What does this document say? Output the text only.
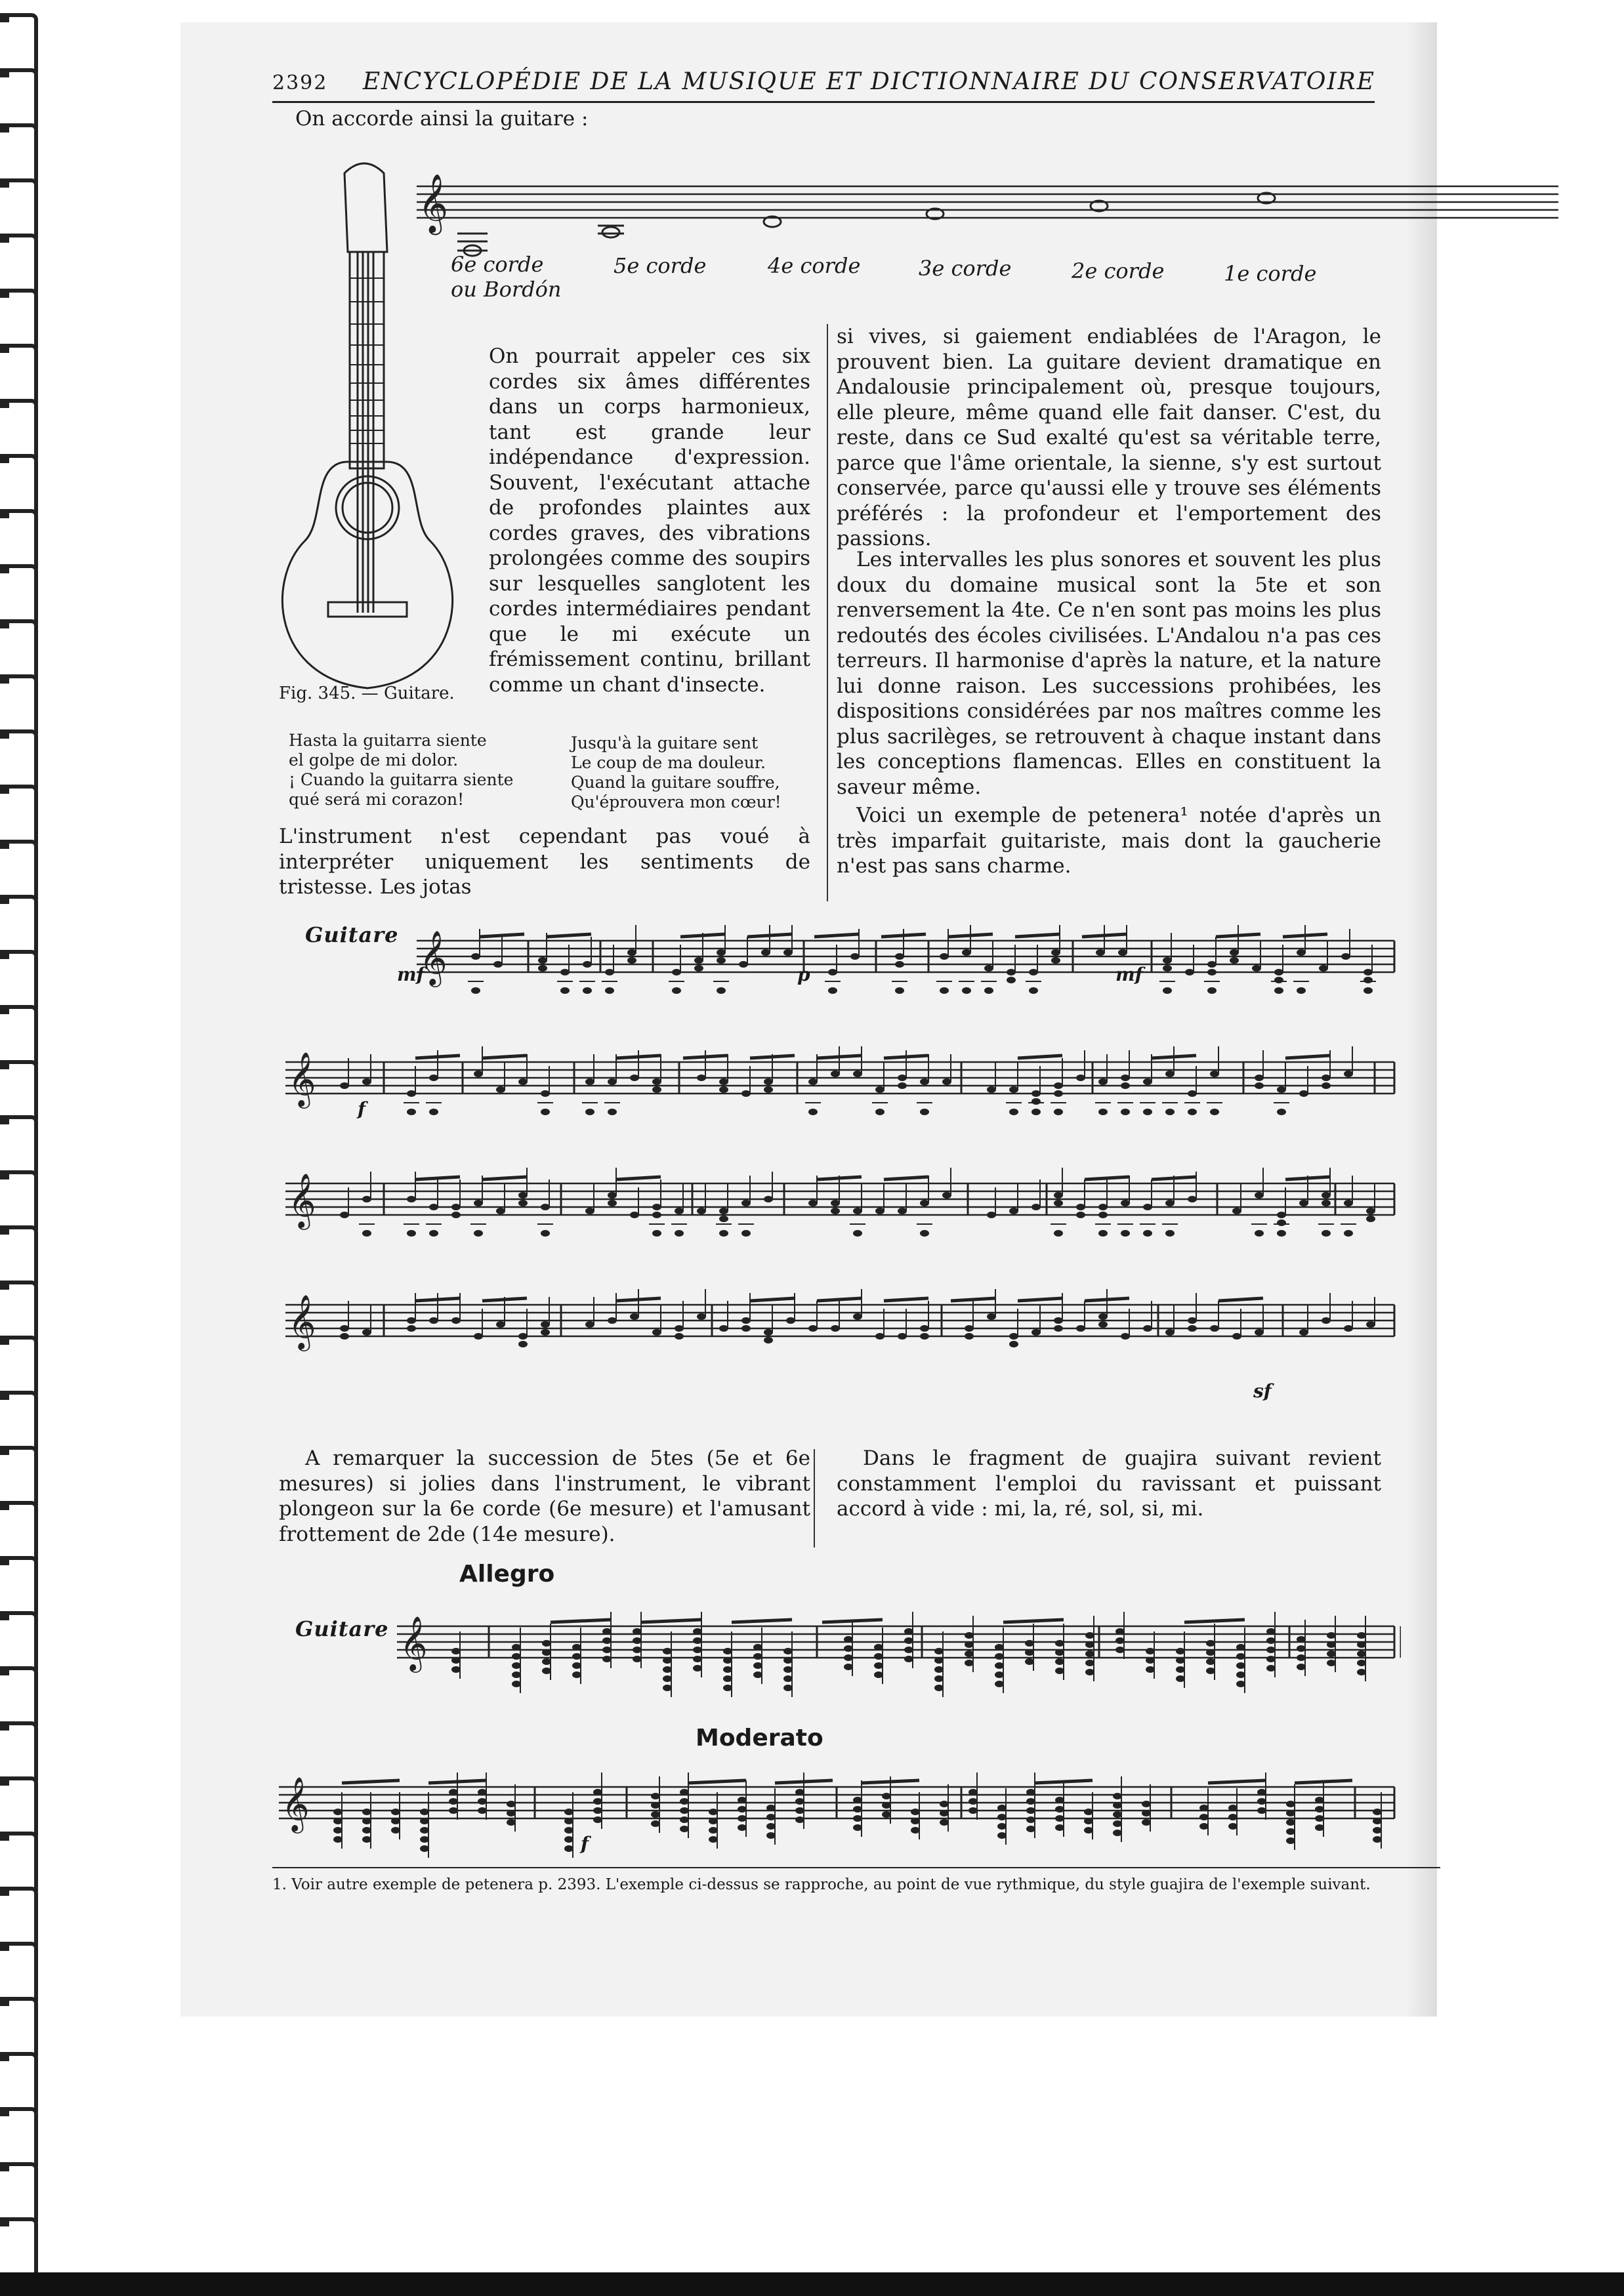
2392 ENCYCLOPÉDIE DE LA MUSIQUE ET DICTIONNAIRE DU CONSERVATOIRE
On accorde ainsi la guitare :
𝄞
6e corde
ou Bordón
5e corde	4e corde	3e corde	2e corde	1e corde
Fig. 345. — Guitare.
On pourrait appeler ces six cordes six âmes différentes dans un corps harmonieux, tant est grande leur indépendance d'expression. Souvent, l'exécutant attache de profondes plaintes aux cordes graves, des vibrations prolongées comme des soupirs sur lesquelles sanglotent les cordes intermédiaires pendant que le mi exécute un frémissement continu, brillant comme un chant d'insecte.
Hasta la guitarra siente
el golpe de mi dolor.
¡ Cuando la guitarra siente
qué será mi corazon!
Jusqu'à la guitare sent
Le coup de ma douleur.
Quand la guitare souffre,
Qu'éprouvera mon cœur!
L'instrument n'est cependant pas voué à interpréter uniquement les sentiments de tristesse. Les jotas
si vives, si gaiement endiablées de l'Aragon, le prouvent bien. La guitare devient dramatique en Andalousie principalement où, presque toujours, elle pleure, même quand elle fait danser. C'est, du reste, dans ce Sud exalté qu'est sa véritable terre, parce que l'âme orientale, la sienne, s'y est surtout conservée, parce qu'aussi elle y trouve ses éléments préférés : la profondeur et l'emportement des passions.
Les intervalles les plus sonores et souvent les plus doux du domaine musical sont la 5te et son renversement la 4te. Ce n'en sont pas moins les plus redoutés des écoles civilisées. L'Andalou n'a pas ces terreurs. Il harmonise d'après la nature, et la nature lui donne raison. Les successions prohibées, les dispositions considérées par nos maîtres comme les plus sacrilèges, se retrouvent à chaque instant dans les conceptions flamencas. Elles en constituent la saveur même.
Voici un exemple de petenera¹ notée d'après un très imparfait guitariste, mais dont la gaucherie n'est pas sans charme.
Guitare 𝄞
𝄞
𝄞
𝄞
mf	p	mf
f
sf
A remarquer la succession de 5tes (5e et 6e mesures) si jolies dans l'instrument, le vibrant plongeon sur la 6e corde (6e mesure) et l'amusant frottement de 2de (14e mesure).
Dans le fragment de guajira suivant revient constamment l'emploi du ravissant et puissant accord à vide : mi, la, ré, sol, si, mi.
Allegro
Guitare 𝄞
Moderato
𝄞
f
1. Voir autre exemple de petenera p. 2393. L'exemple ci-dessus se rapproche, au point de vue rythmique, du style guajira de l'exemple suivant.
